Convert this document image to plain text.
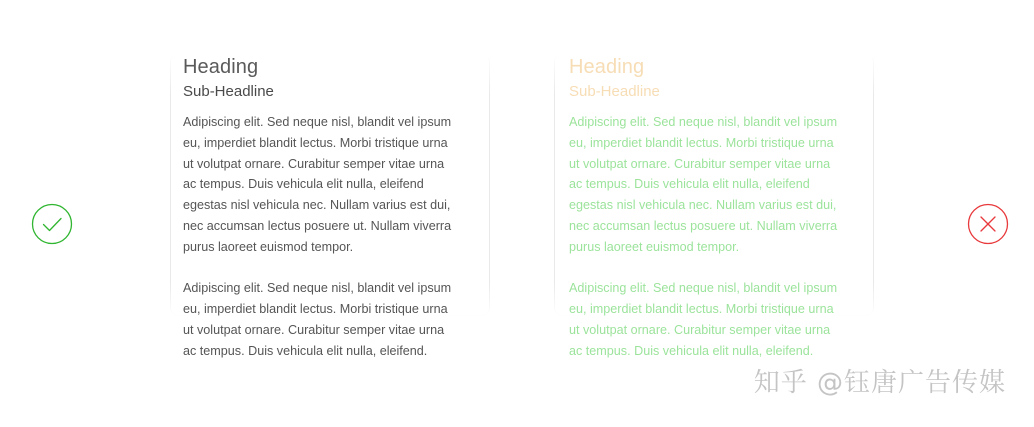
Heading
Sub-Headline
Adipiscing elit. Sed neque nisl, blandit vel ipsum
eu, imperdiet blandit lectus. Morbi tristique urna
ut volutpat ornare. Curabitur semper vitae urna
ac tempus. Duis vehicula elit nulla, eleifend
egestas nisl vehicula nec. Nullam varius est dui,
nec accumsan lectus posuere ut. Nullam viverra
purus laoreet euismod tempor.
Adipiscing elit. Sed neque nisl, blandit vel ipsum
eu, imperdiet blandit lectus. Morbi tristique urna
ut volutpat ornare. Curabitur semper vitae urna
ac tempus. Duis vehicula elit nulla, eleifend.
Heading
Sub-Headline
Adipiscing elit. Sed neque nisl, blandit vel ipsum
eu, imperdiet blandit lectus. Morbi tristique urna
ut volutpat ornare. Curabitur semper vitae urna
ac tempus. Duis vehicula elit nulla, eleifend
egestas nisl vehicula nec. Nullam varius est dui,
nec accumsan lectus posuere ut. Nullam viverra
purus laoreet euismod tempor.
Adipiscing elit. Sed neque nisl, blandit vel ipsum
eu, imperdiet blandit lectus. Morbi tristique urna
ut volutpat ornare. Curabitur semper vitae urna
ac tempus. Duis vehicula elit nulla, eleifend.
知乎 @钰唐广告传媒
